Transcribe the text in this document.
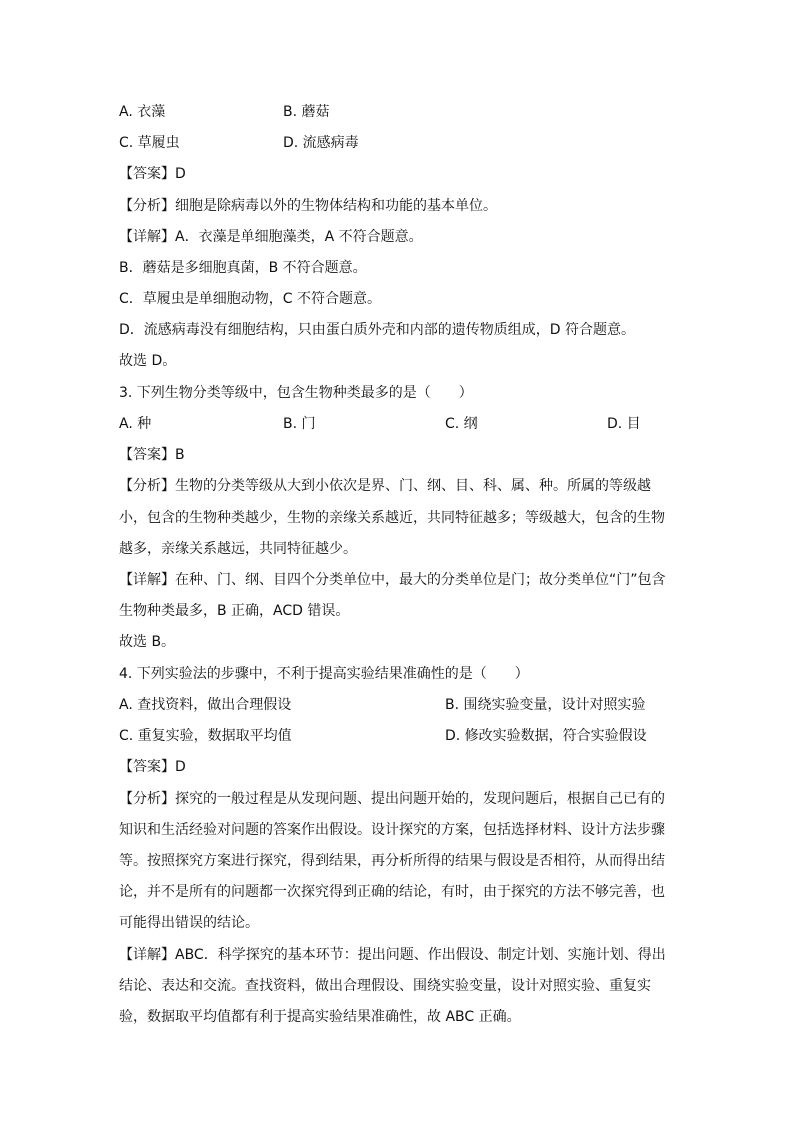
A. 衣藻	B. 蘑菇
C. 草履虫	D. 流感病毒
【答案】D
【分析】细胞是除病毒以外的生物体结构和功能的基本单位。
【详解】A．衣藻是单细胞藻类，A 不符合题意。
B．蘑菇是多细胞真菌，B 不符合题意。
C．草履虫是单细胞动物，C 不符合题意。
D．流感病毒没有细胞结构，只由蛋白质外壳和内部的遗传物质组成，D 符合题意。
故选 D。
3. 下列生物分类等级中，包含生物种类最多的是（　　）
A. 种	B. 门	C. 纲	D. 目
【答案】B
【分析】生物的分类等级从大到小依次是界、门、纲、目、科、属、种。所属的等级越
小，包含的生物种类越少，生物的亲缘关系越近，共同特征越多；等级越大，包含的生物
越多，亲缘关系越远，共同特征越少。
【详解】在种、门、纲、目四个分类单位中，最大的分类单位是门；故分类单位“门”包含
生物种类最多，B 正确，ACD 错误。
故选 B。
4. 下列实验法的步骤中，不利于提高实验结果准确性的是（　　）
A. 查找资料，做出合理假设	B. 围绕实验变量，设计对照实验
C. 重复实验，数据取平均值	D. 修改实验数据，符合实验假设
【答案】D
【分析】探究的一般过程是从发现问题、提出问题开始的，发现问题后，根据自己已有的
知识和生活经验对问题的答案作出假设。设计探究的方案，包括选择材料、设计方法步骤
等。按照探究方案进行探究，得到结果，再分析所得的结果与假设是否相符，从而得出结
论，并不是所有的问题都一次探究得到正确的结论，有时，由于探究的方法不够完善，也
可能得出错误的结论。
【详解】ABC．科学探究的基本环节：提出问题、作出假设、制定计划、实施计划、得出
结论、表达和交流。查找资料，做出合理假设、围绕实验变量，设计对照实验、重复实
验，数据取平均值都有利于提高实验结果准确性，故 ABC 正确。
